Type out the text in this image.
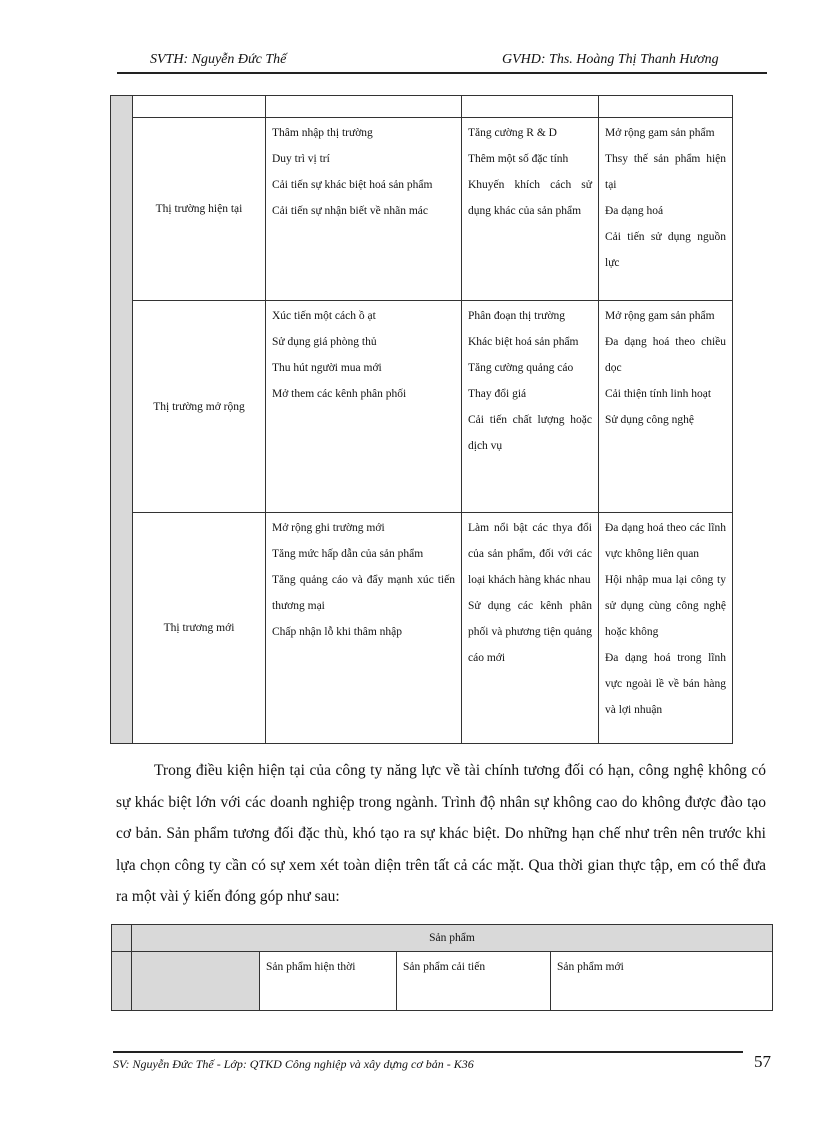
SVTH: Nguyễn Đức Thế	GVHD: Ths. Hoàng Thị Thanh Hương

	Thị trường hiện tại	Thâm nhập thị trường
Duy trì vị trí
Cải tiến sự khác biệt hoá sản phẩm
Cải tiến sự nhận biết về nhãn mác	Tăng cường R & D
Thêm một số đặc tính
Khuyến khích cách sử dụng khác của sản phẩm	Mở rộng gam sản phẩm
Thsy thế sản phẩm hiện tại
Đa dạng hoá
Cải tiến sử dụng nguồn lực

	Thị trường mở rộng	Xúc tiến một cách ồ ạt
Sử dụng giá phòng thủ
Thu hút người mua mới
Mở them các kênh phân phối	Phân đoạn thị trường
Khác biệt hoá sản phẩm
Tăng cường quảng cáo
Thay đổi giá
Cải tiến chất lượng hoặc dịch vụ	Mở rộng gam sản phẩm
Đa dạng hoá theo chiều dọc
Cải thiện tính linh hoạt
Sử dụng công nghệ

	Thị trương mới	Mở rộng ghi trường mới
Tăng mức hấp dẫn của sản phẩm
Tăng quảng cáo và đẩy mạnh xúc tiến thương mại
Chấp nhận lỗ khi thâm nhập	Làm nổi bật các thya đổi của sản phẩm, đối với các loại khách hàng khác nhau
Sử dụng các kênh phân phối và phương tiện quảng cáo mới	Đa dạng hoá theo các lĩnh vực không liên quan
Hội nhập mua lại công ty sử dụng cùng công nghệ hoặc không
Đa dạng hoá trong lĩnh vực ngoài lề về bán hàng và lợi nhuận

Trong điều kiện hiện tại của công ty năng lực về tài chính tương đối có hạn, công nghệ không có sự khác biệt lớn với các doanh nghiệp trong ngành. Trình độ nhân sự không cao do không được đào tạo cơ bản. Sản phẩm tương đối đặc thù, khó tạo ra sự khác biệt. Do những hạn chế như trên nên trước khi lựa chọn công ty cần có sự xem xét toàn diện trên tất cả các mặt. Qua thời gian thực tập, em có thể đưa ra một vài ý kiến đóng góp như sau:

	Sản phẩm			
		Sản phẩm hiện thời	Sản phẩm cải tiến	Sản phẩm mới
SV: Nguyễn Đức Thế - Lớp: QTKD Công nghiệp và xây dựng cơ bản - K36	57
